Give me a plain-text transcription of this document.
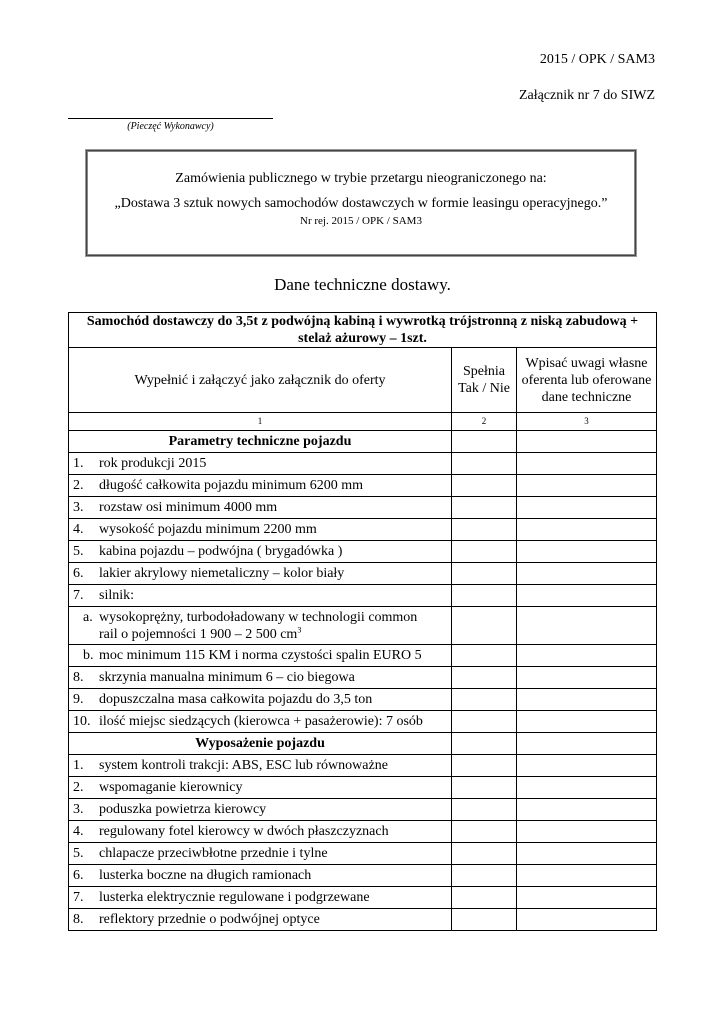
2015 / OPK / SAM3
Załącznik nr 7 do SIWZ
(Pieczęć Wykonawcy)
Zamówienia publicznego w trybie przetargu nieograniczonego na:
„Dostawa 3 sztuk nowych samochodów dostawczych w formie leasingu operacyjnego.”
Nr rej. 2015 / OPK / SAM3
Dane techniczne dostawy.
Samochód dostawczy do 3,5t z podwójną kabiną i wywrotką trójstronną z niską zabudową + stelaż ażurowy – 1szt.		
Wypełnić i załączyć jako załącznik do oferty	Spełnia Tak / Nie	Wpisać uwagi własne oferenta lub oferowane dane techniczne
1	2	3
Parametry techniczne pojazdu		
1. rok produkcji 2015		
2. długość całkowita pojazdu minimum 6200 mm		
3. rozstaw osi minimum 4000 mm		
4. wysokość pojazdu minimum 2200 mm		
5. kabina pojazdu – podwójna ( brygadówka )		
6. lakier akrylowy niemetaliczny – kolor biały		
7. silnik:		
a. wysokoprężny, turbodoładowany w technologii common
rail o pojemności 1 900 – 2 500 $cm^3$		
b. moc minimum 115 KM i norma czystości spalin EURO 5		
8. skrzynia manualna minimum 6 – cio biegowa		
9. dopuszczalna masa całkowita pojazdu do 3,5 ton		
10. ilość miejsc siedzących (kierowca + pasażerowie): 7 osób		
Wyposażenie pojazdu		
1. system kontroli trakcji: ABS, ESC lub równoważne		
2. wspomaganie kierownicy		
3. poduszka powietrza kierowcy		
4. regulowany fotel kierowcy w dwóch płaszczyznach		
5. chlapacze przeciwbłotne przednie i tylne		
6. lusterka boczne na długich ramionach		
7. lusterka elektrycznie regulowane i podgrzewane		
8. reflektory przednie o podwójnej optyce		
